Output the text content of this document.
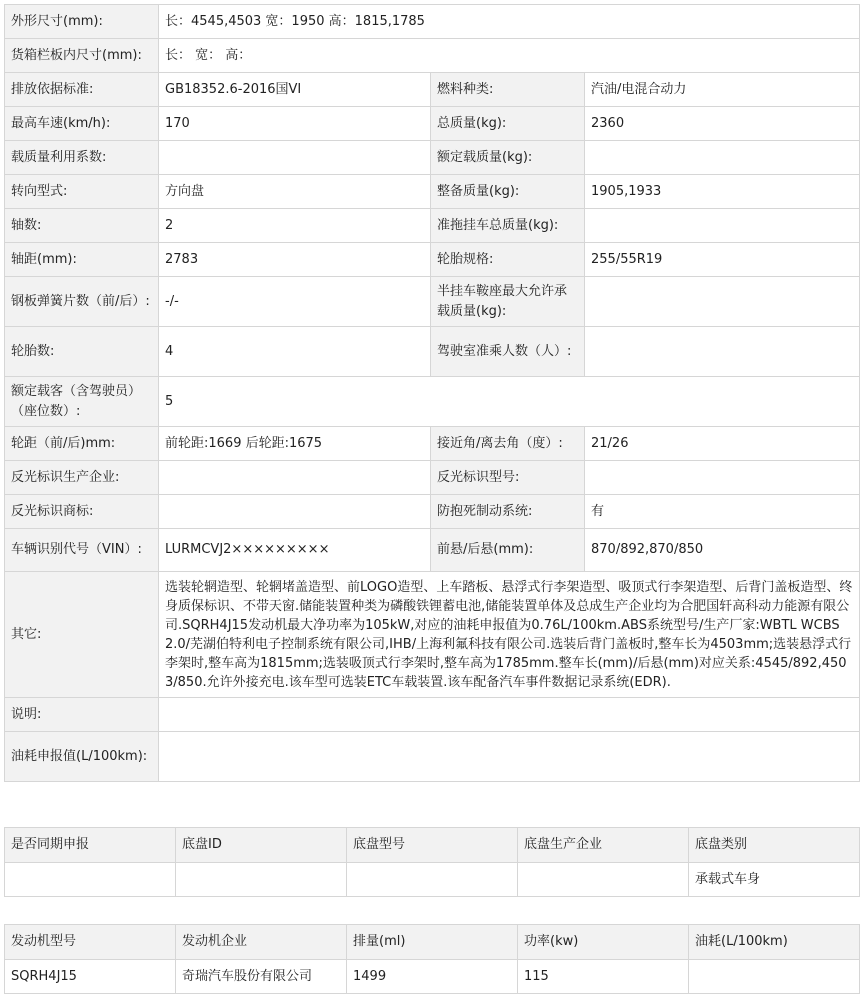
外形尺寸(mm):	长：4545,4503 宽：1950 高：1815,1785		
货箱栏板内尺寸(mm):	长： 宽： 高：		
排放依据标准:	GB18352.6-2016国VI	燃料种类:	汽油/电混合动力
最高车速(km/h):	170	总质量(kg):	2360
载质量利用系数:		额定载质量(kg):	
转向型式:	方向盘	整备质量(kg):	1905,1933
轴数:	2	准拖挂车总质量(kg):	
轴距(mm):	2783	轮胎规格:	255/55R19
钢板弹簧片数（前/后）:	-/-	半挂车鞍座最大允许承载质量(kg):	
轮胎数:	4	驾驶室准乘人数（人）:	
额定载客（含驾驶员）（座位数）:	5		
轮距（前/后)mm:	前轮距:1669 后轮距:1675	接近角/离去角（度）:	21/26
反光标识生产企业:		反光标识型号:	
反光标识商标:		防抱死制动系统:	有
车辆识别代号（VIN）:	LURMCVJ2×××××××××	前悬/后悬(mm):	870/892,870/850
其它:	选装轮辋造型、轮辋堵盖造型、前LOGO造型、上车踏板、悬浮式行李架造型、吸顶式行李架造型、后背门盖板造型、终身质保标识、不带天窗.储能装置种类为磷酸铁锂蓄电池,储能装置单体及总成生产企业均为合肥国轩高科动力能源有限公司.SQRH4J15发动机最大净功率为105kW,对应的油耗申报值为0.76L/100km.ABS系统型号/生产厂家:WBTL WCBS 2.0/芜湖伯特利电子控制系统有限公司,IHB/上海利氟科技有限公司.选装后背门盖板时,整车长为4503mm;选装悬浮式行李架时,整车高为1815mm;选装吸顶式行李架时,整车高为1785mm.整车长(mm)/后悬(mm)对应关系:4545/892,4503/850.允许外接充电.该车型可选装ETC车载装置.该车配备汽车事件数据记录系统(EDR).		
说明:			
油耗申报值(L/100km):			
是否同期申报	底盘ID	底盘型号	底盘生产企业	底盘类别
				承载式车身
发动机型号	发动机企业	排量(ml)	功率(kw)	油耗(L/100km)
SQRH4J15	奇瑞汽车股份有限公司	1499	115	
